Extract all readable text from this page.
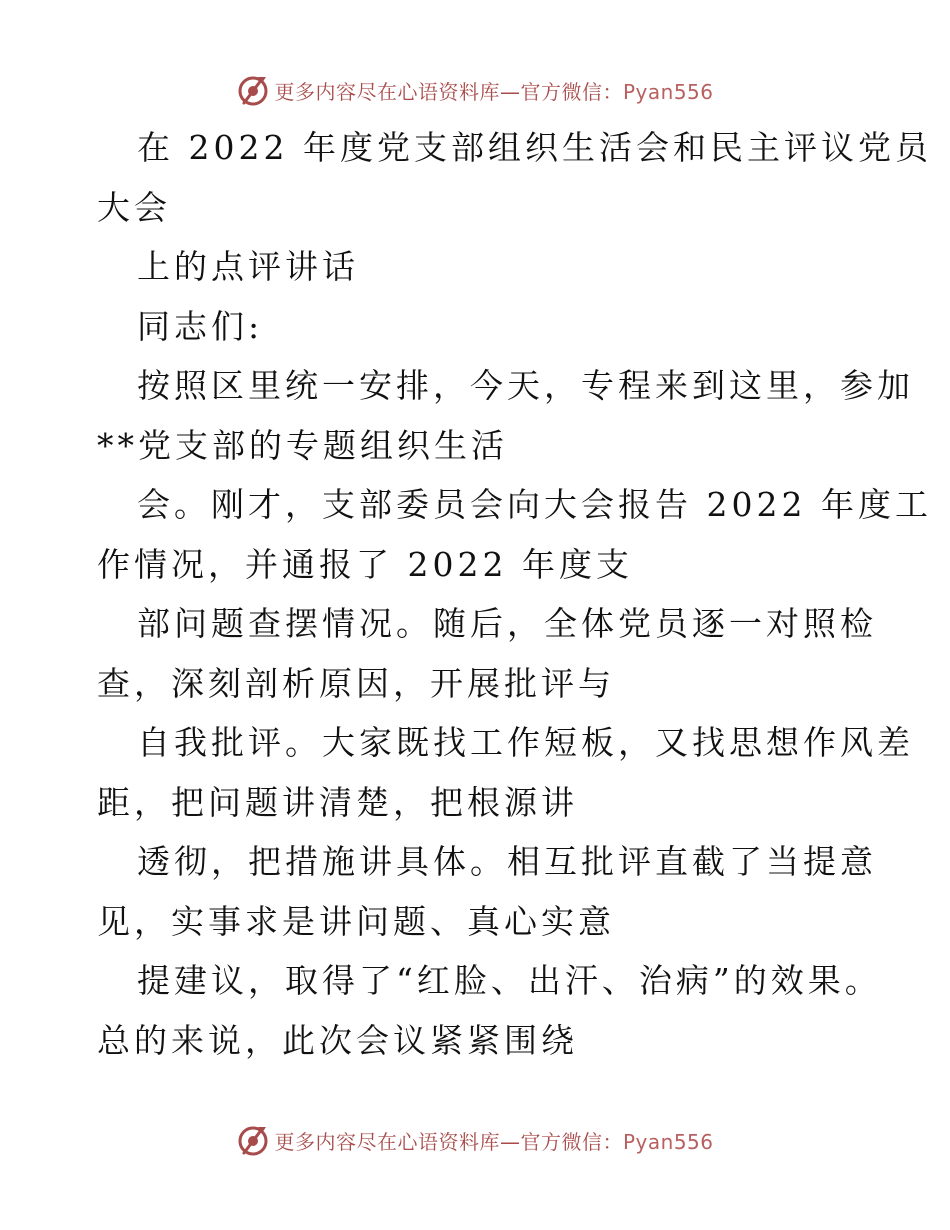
更多内容尽在心语资料库—官方微信：Pyan556
在 2022 年度党支部组织生活会和民主评议党员
大会
上的点评讲话
同志们:
按照区里统一安排，今天，专程来到这里，参加
**党支部的专题组织生活
会。刚才，支部委员会向大会报告 2022 年度工
作情况，并通报了 2022 年度支
部问题查摆情况。随后，全体党员逐一对照检
查，深刻剖析原因，开展批评与
自我批评。大家既找工作短板，又找思想作风差
距，把问题讲清楚，把根源讲
透彻，把措施讲具体。相互批评直截了当提意
见，实事求是讲问题、真心实意
提建议，取得了“红脸、出汗、治病”的效果。
总的来说，此次会议紧紧围绕
更多内容尽在心语资料库—官方微信：Pyan556
